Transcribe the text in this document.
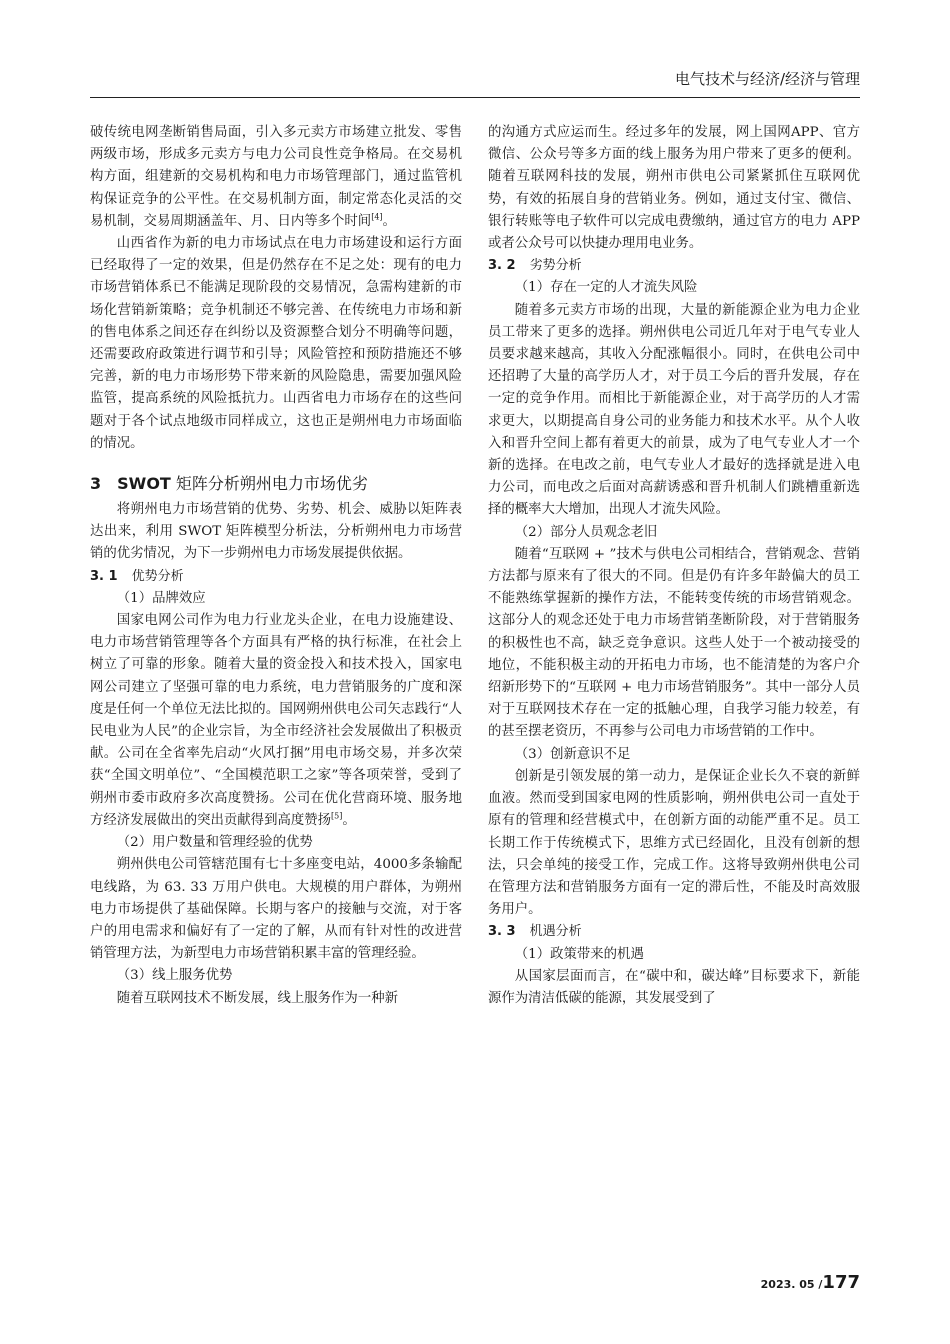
电气技术与经济/经济与管理

破传统电网垄断销售局面，引入多元卖方市场建立批发、零售两级市场，形成多元卖方与电力公司良性竞争格局。在交易机构方面，组建新的交易机构和电力市场管理部门，通过监管机构保证竞争的公平性。在交易机制方面，制定常态化灵活的交易机制，交易周期涵盖年、月、日内等多个时间[4]。

山西省作为新的电力市场试点在电力市场建设和运行方面已经取得了一定的效果，但是仍然存在不足之处：现有的电力市场营销体系已不能满足现阶段的交易情况，急需构建新的市场化营销新策略；竞争机制还不够完善、在传统电力市场和新的售电体系之间还存在纠纷以及资源整合划分不明确等问题，还需要政府政策进行调节和引导；风险管控和预防措施还不够完善，新的电力市场形势下带来新的风险隐患，需要加强风险监管，提高系统的风险抵抗力。山西省电力市场存在的这些问题对于各个试点地级市同样成立，这也正是朔州电力市场面临的情况。

3 SWOT 矩阵分析朔州电力市场优劣

将朔州电力市场营销的优势、劣势、机会、威胁以矩阵表达出来，利用 SWOT 矩阵模型分析法，分析朔州电力市场营销的优劣情况，为下一步朔州电力市场发展提供依据。

3. 1 优势分析
（1）品牌效应

国家电网公司作为电力行业龙头企业，在电力设施建设、电力市场营销管理等各个方面具有严格的执行标准，在社会上树立了可靠的形象。随着大量的资金投入和技术投入，国家电网公司建立了坚强可靠的电力系统，电力营销服务的广度和深度是任何一个单位无法比拟的。国网朔州供电公司矢志践行“人民电业为人民”的企业宗旨，为全市经济社会发展做出了积极贡献。公司在全省率先启动“火风打捆”用电市场交易，并多次荣获“全国文明单位”、“全国模范职工之家”等各项荣誉，受到了朔州市委市政府多次高度赞扬。公司在优化营商环境、服务地方经济发展做出的突出贡献得到高度赞扬[5]。

（2）用户数量和管理经验的优势

朔州供电公司管辖范围有七十多座变电站，4000多条输配电线路，为 63. 33 万用户供电。大规模的用户群体，为朔州电力市场提供了基础保障。长期与客户的接触与交流，对于客户的用电需求和偏好有了一定的了解，从而有针对性的改进营销管理方法，为新型电力市场营销积累丰富的管理经验。

（3）线上服务优势

随着互联网技术不断发展，线上服务作为一种新

的沟通方式应运而生。经过多年的发展，网上国网APP、官方微信、公众号等多方面的线上服务为用户带来了更多的便利。随着互联网科技的发展，朔州市供电公司紧紧抓住互联网优势，有效的拓展自身的营销业务。例如，通过支付宝、微信、银行转账等电子软件可以完成电费缴纳，通过官方的电力 APP 或者公众号可以快捷办理用电业务。

3. 2 劣势分析
（1）存在一定的人才流失风险

随着多元卖方市场的出现，大量的新能源企业为电力企业员工带来了更多的选择。朔州供电公司近几年对于电气专业人员要求越来越高，其收入分配涨幅很小。同时，在供电公司中还招聘了大量的高学历人才，对于员工今后的晋升发展，存在一定的竞争作用。而相比于新能源企业，对于高学历的人才需求更大，以期提高自身公司的业务能力和技术水平。从个人收入和晋升空间上都有着更大的前景，成为了电气专业人才一个新的选择。在电改之前，电气专业人才最好的选择就是进入电力公司，而电改之后面对高薪诱惑和晋升机制人们跳槽重新选择的概率大大增加，出现人才流失风险。

（2）部分人员观念老旧

随着“互联网 + ”技术与供电公司相结合，营销观念、营销方法都与原来有了很大的不同。但是仍有许多年龄偏大的员工不能熟练掌握新的操作方法，不能转变传统的市场营销观念。这部分人的观念还处于电力市场营销垄断阶段，对于营销服务的积极性也不高，缺乏竞争意识。这些人处于一个被动接受的地位，不能积极主动的开拓电力市场，也不能清楚的为客户介绍新形势下的“互联网 + 电力市场营销服务”。其中一部分人员对于互联网技术存在一定的抵触心理，自我学习能力较差，有的甚至摆老资历，不再参与公司电力市场营销的工作中。

（3）创新意识不足

创新是引领发展的第一动力，是保证企业长久不衰的新鲜血液。然而受到国家电网的性质影响，朔州供电公司一直处于原有的管理和经营模式中，在创新方面的动能严重不足。员工长期工作于传统模式下，思维方式已经固化，且没有创新的想法，只会单纯的接受工作，完成工作。这将导致朔州供电公司在管理方法和营销服务方面有一定的滞后性，不能及时高效服务用户。

3. 3 机遇分析
（1）政策带来的机遇

从国家层面而言，在“碳中和，碳达峰”目标要求下，新能源作为清洁低碳的能源，其发展受到了

2023. 05 /177
